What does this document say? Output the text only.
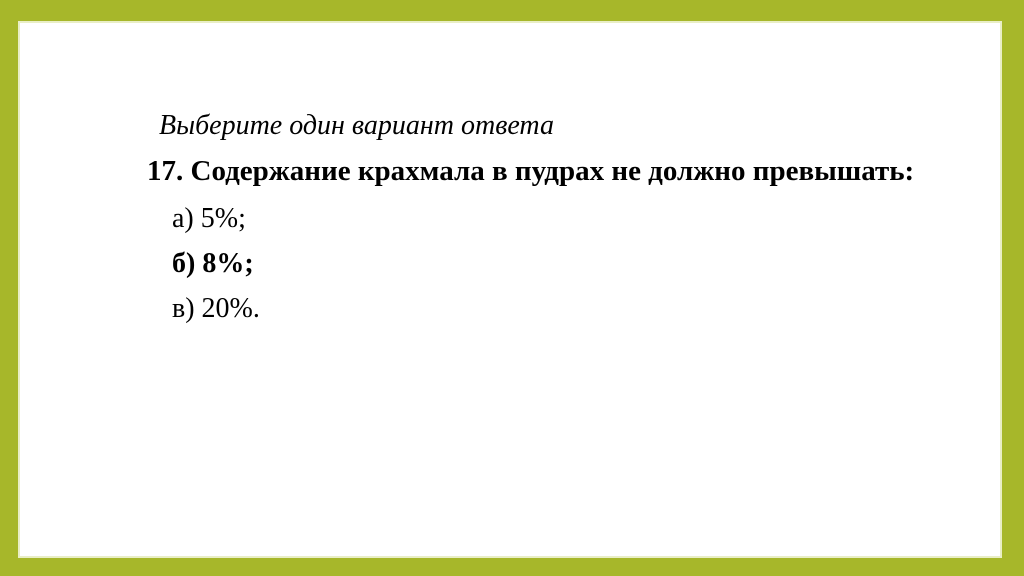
Выберите один вариант ответа
17. Содержание крахмала в пудрах не должно превышать:
а) 5%;
б) 8%;
в) 20%.
